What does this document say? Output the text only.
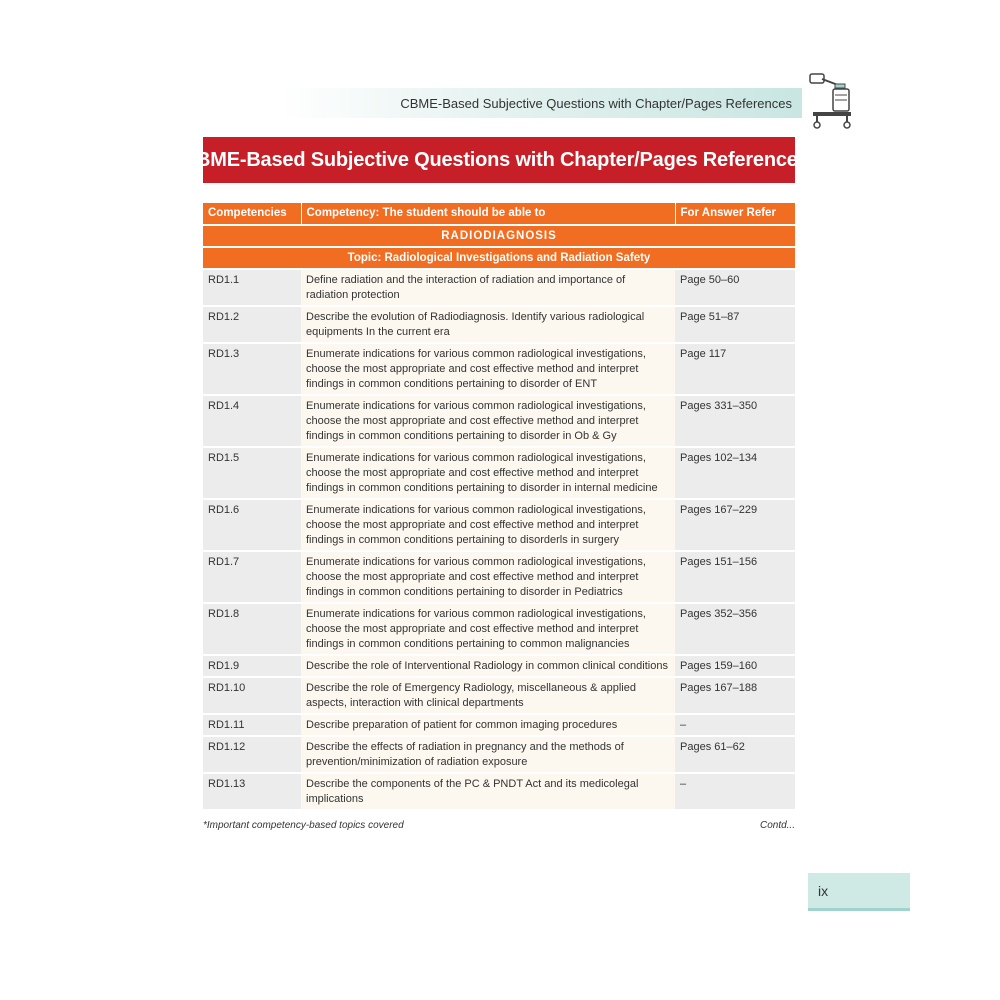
CBME-Based Subjective Questions with Chapter/Pages References
CBME-Based Subjective Questions with Chapter/Pages References*
Competencies	Competency: The student should be able to	For Answer Refer
RADIODIAGNOSIS		
Topic: Radiological Investigations and Radiation Safety		
RD1.1	Define radiation and the interaction of radiation and importance of radiation protection	Page 50–60
RD1.2	Describe the evolution of Radiodiagnosis. Identify various radiological equipments In the current era	Page 51–87
RD1.3	Enumerate indications for various common radiological investigations, choose the most appropriate and cost effective method and interpret findings in common conditions pertaining to disorder of ENT	Page 117
RD1.4	Enumerate indications for various common radiological investigations, choose the most appropriate and cost effective method and interpret findings in common conditions pertaining to disorder in Ob & Gy	Pages 331–350
RD1.5	Enumerate indications for various common radiological investigations, choose the most appropriate and cost effective method and interpret findings in common conditions pertaining to disorder in internal medicine	Pages 102–134
RD1.6	Enumerate indications for various common radiological investigations, choose the most appropriate and cost effective method and interpret findings in common conditions pertaining to disorderls in surgery	Pages 167–229
RD1.7	Enumerate indications for various common radiological investigations, choose the most appropriate and cost effective method and interpret findings in common conditions pertaining to disorder in Pediatrics	Pages 151–156
RD1.8	Enumerate indications for various common radiological investigations, choose the most appropriate and cost effective method and interpret findings in common conditions pertaining to common malignancies	Pages 352–356
RD1.9	Describe the role of Interventional Radiology in common clinical conditions	Pages 159–160
RD1.10	Describe the role of Emergency Radiology, miscellaneous & applied aspects, interaction with clinical departments	Pages 167–188
RD1.11	Describe preparation of patient for common imaging procedures	–
RD1.12	Describe the effects of radiation in pregnancy and the methods of prevention/minimization of radiation exposure	Pages 61–62
RD1.13	Describe the components of the PC & PNDT Act and its medicolegal implications	–
*Important competency-based topics covered	Contd...
ix
